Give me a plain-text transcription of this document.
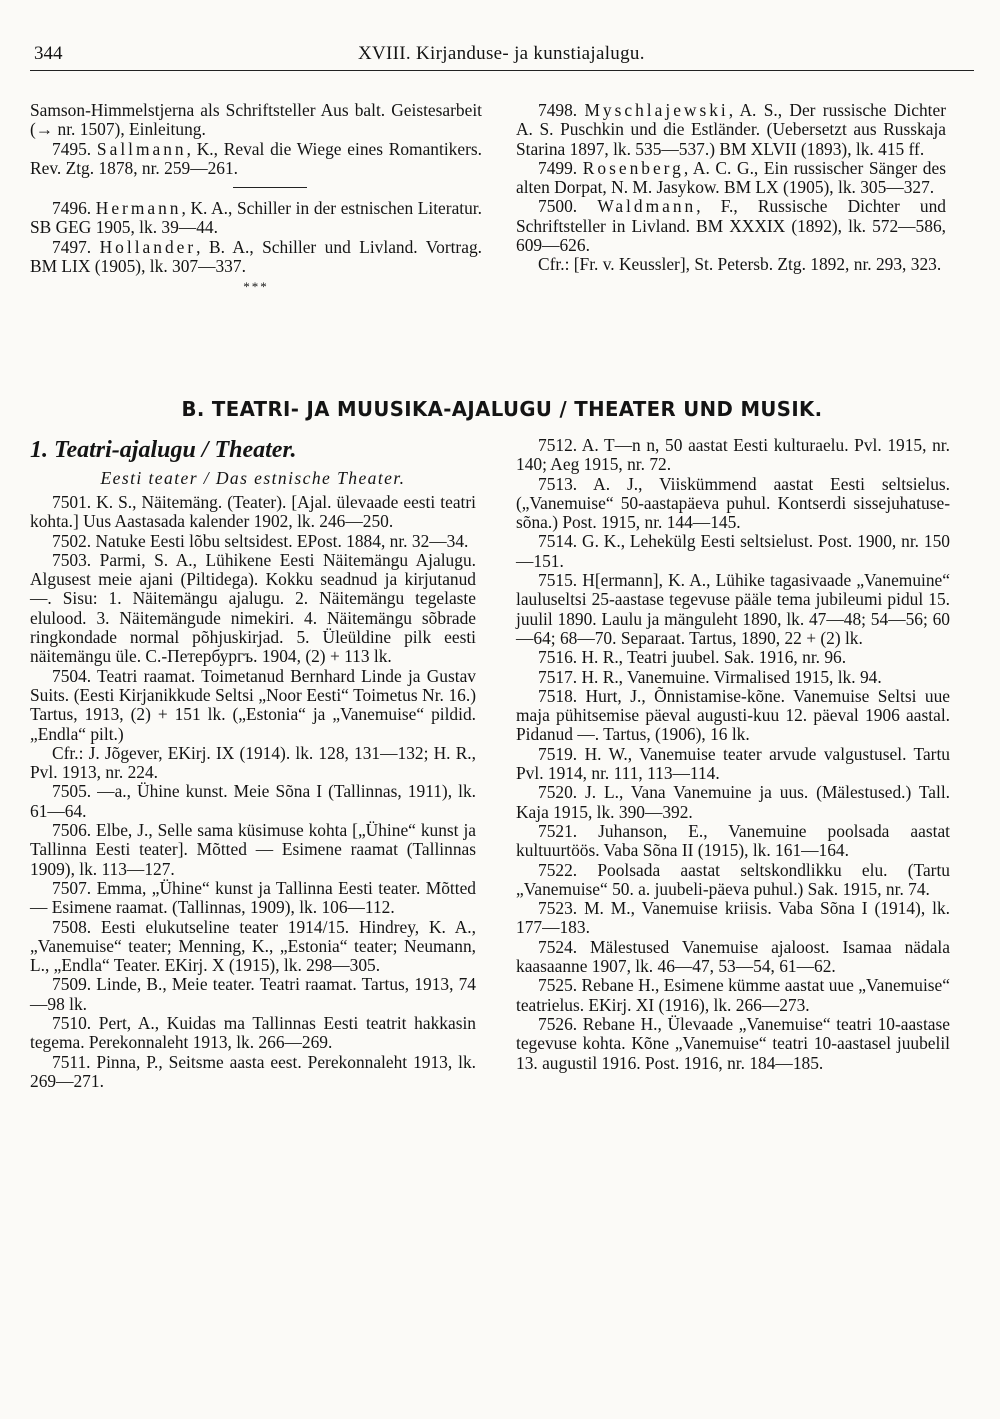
344	XVIII. Kirjanduse- ja kunstiajalugu.

Samson-Himmelstjerna als Schriftsteller Aus balt. Geistesarbeit (→ nr. 1507), Einleitung.

7495. Sallmann, K., Reval die Wiege eines Romantikers. Rev. Ztg. 1878, nr. 259—261.

7496. Hermann, K. A., Schiller in der estnischen Literatur. SB GEG 1905, lk. 39—44.

7497. Hollander, B. A., Schiller und Livland. Vortrag. BM LIX (1905), lk. 307—337.

***

7498. Myschlajewski, A. S., Der russische Dichter A. S. Puschkin und die Estländer. (Uebersetzt aus Russkaja Starina 1897, lk. 535—537.) BM XLVII (1893), lk. 415 ff.

7499. Rosenberg, A. C. G., Ein russischer Sänger des alten Dorpat, N. M. Jasykow. BM LX (1905), lk. 305—327.

7500. Waldmann, F., Russische Dichter und Schriftsteller in Livland. BM XXXIX (1892), lk. 572—586, 609—626.

Cfr.: [Fr. v. Keussler], St. Petersb. Ztg. 1892, nr. 293, 323.

B. TEATRI- JA MUUSIKA-AJALUGU / THEATER UND MUSIK.
1. Teatri-ajalugu / Theater.
Eesti teater / Das estnische Theater.

7501. K. S., Näitemäng. (Teater). [Ajal. ülevaade eesti teatri kohta.] Uus Aastasada kalender 1902, lk. 246—250.

7502. Natuke Eesti lõbu seltsidest. EPost. 1884, nr. 32—34.

7503. Parmi, S. A., Lühikene Eesti Näitemängu Ajalugu. Algusest meie ajani (Piltidega). Kokku seadnud ja kirjutanud —. Sisu: 1. Näitemängu ajalugu. 2. Näitemängu tegelaste elulood. 3. Näitemängude nimekiri. 4. Näitemängu sõbrade ringkondade normal põhjuskirjad. 5. Üleüldine pilk eesti näitemängu üle. С.-Петербургъ. 1904, (2) + 113 lk.

7504. Teatri raamat. Toimetanud Bernhard Linde ja Gustav Suits. (Eesti Kirjanikkude Seltsi „Noor Eesti“ Toimetus Nr. 16.) Tartus, 1913, (2) + 151 lk. („Estonia“ ja „Vanemuise“ pildid. „Endla“ pilt.)

Cfr.: J. Jõgever, EKirj. IX (1914). lk. 128, 131—132; H. R., Pvl. 1913, nr. 224.

7505. —a., Ühine kunst. Meie Sõna I (Tallinnas, 1911), lk. 61—64.

7506. Elbe, J., Selle sama küsimuse kohta [„Ühine“ kunst ja Tallinna Eesti teater]. Mõtted — Esimene raamat (Tallinnas 1909), lk. 113—127.

7507. Emma, „Ühine“ kunst ja Tallinna Eesti teater. Mõtted — Esimene raamat. (Tallinnas, 1909), lk. 106—112.

7508. Eesti elukutseline teater 1914/15. Hindrey, K. A., „Vanemuise“ teater; Menning, K., „Estonia“ teater; Neumann, L., „Endla“ Teater. EKirj. X (1915), lk. 298—305.

7509. Linde, B., Meie teater. Teatri raamat. Tartus, 1913, 74—98 lk.

7510. Pert, A., Kuidas ma Tallinnas Eesti teatrit hakkasin tegema. Perekonnaleht 1913, lk. 266—269.

7511. Pinna, P., Seitsme aasta eest. Perekonnaleht 1913, lk. 269—271.

7512. A. T—n n, 50 aastat Eesti kulturaelu. Pvl. 1915, nr. 140; Aeg 1915, nr. 72.

7513. A. J., Viiskümmend aastat Eesti seltsielus. („Vanemuise“ 50-aastapäeva puhul. Kontserdi sissejuhatuse-sõna.) Post. 1915, nr. 144—145.

7514. G. K., Lehekülg Eesti seltsielust. Post. 1900, nr. 150—151.

7515. H[ermann], K. A., Lühike tagasivaade „Vanemuine“ lauluseltsi 25-aastase tegevuse pääle tema jubileumi pidul 15. juulil 1890. Laulu ja mänguleht 1890, lk. 47—48; 54—56; 60—64; 68—70. Separaat. Tartus, 1890, 22 + (2) lk.

7516. H. R., Teatri juubel. Sak. 1916, nr. 96.

7517. H. R., Vanemuine. Virmalised 1915, lk. 94.

7518. Hurt, J., Õnnistamise-kõne. Vanemuise Seltsi uue maja pühitsemise päeval augusti-kuu 12. päeval 1906 aastal. Pidanud —. Tartus, (1906), 16 lk.

7519. H. W., Vanemuise teater arvude valgustusel. Tartu Pvl. 1914, nr. 111, 113—114.

7520. J. L., Vana Vanemuine ja uus. (Mälestused.) Tall. Kaja 1915, lk. 390—392.

7521. Juhanson, E., Vanemuine poolsada aastat kultuurtöös. Vaba Sõna II (1915), lk. 161—164.

7522. Poolsada aastat seltskondlikku elu. (Tartu „Vanemuise“ 50. a. juubeli-päeva puhul.) Sak. 1915, nr. 74.

7523. M. M., Vanemuise kriisis. Vaba Sõna I (1914), lk. 177—183.

7524. Mälestused Vanemuise ajaloost. Isamaa nädala kaasaanne 1907, lk. 46—47, 53—54, 61—62.

7525. Rebane H., Esimene kümme aastat uue „Vanemuise“ teatrielus. EKirj. XI (1916), lk. 266—273.

7526. Rebane H., Ülevaade „Vanemuise“ teatri 10-aastase tegevuse kohta. Kõne „Vanemuise“ teatri 10-aastasel juubelil 13. augustil 1916. Post. 1916, nr. 184—185.
